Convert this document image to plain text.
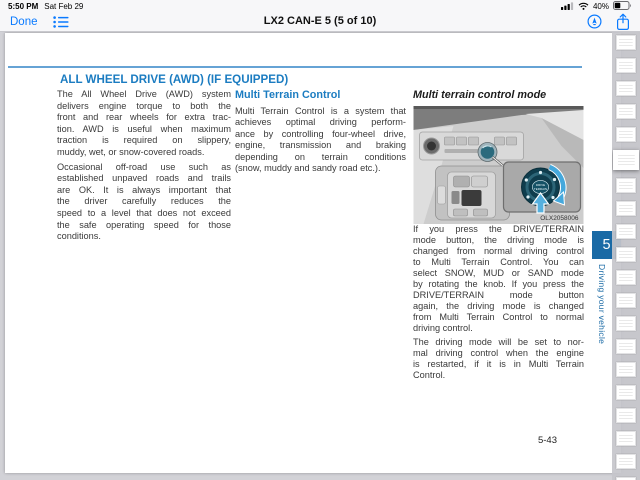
5:50 PM Sat Feb 29	40%
Done	LX2 CAN-E 5 (5 of 10)
ALL WHEEL DRIVE (AWD) (IF EQUIPPED)
The All Wheel Drive (AWD) system
delivers engine torque to both the
front and rear wheels for extra trac-
tion. AWD is useful when maximum
traction is required on slippery,
muddy, wet, or snow-covered roads.
Occasional off-road use such as
established unpaved roads and trails
are OK. It is always important that
the driver carefully reduces the
speed to a level that does not exceed
the safe operating speed for those
conditions.
Multi Terrain Control
Multi Terrain Control is a system that
achieves optimal driving perform-
ance by controlling four-wheel drive,
engine, transmission and braking
depending on terrain conditions
(snow, muddy and sandy road etc.).
Multi terrain control mode
DRIVE
TERRAIN
OLX2058006
If you press the DRIVE/TERRAIN
mode button, the driving mode is
changed from normal driving control
to Multi Terrain Control. You can
select SNOW, MUD or SAND mode
by rotating the knob. If you press the
DRIVE/TERRAIN mode button
again, the driving mode is changed
from Multi Terrain Control to normal
driving control.
The driving mode will be set to nor-
mal driving control when the engine
is restarted, if it is in Multi Terrain
Control.
5-43
5
Driving your vehicle
